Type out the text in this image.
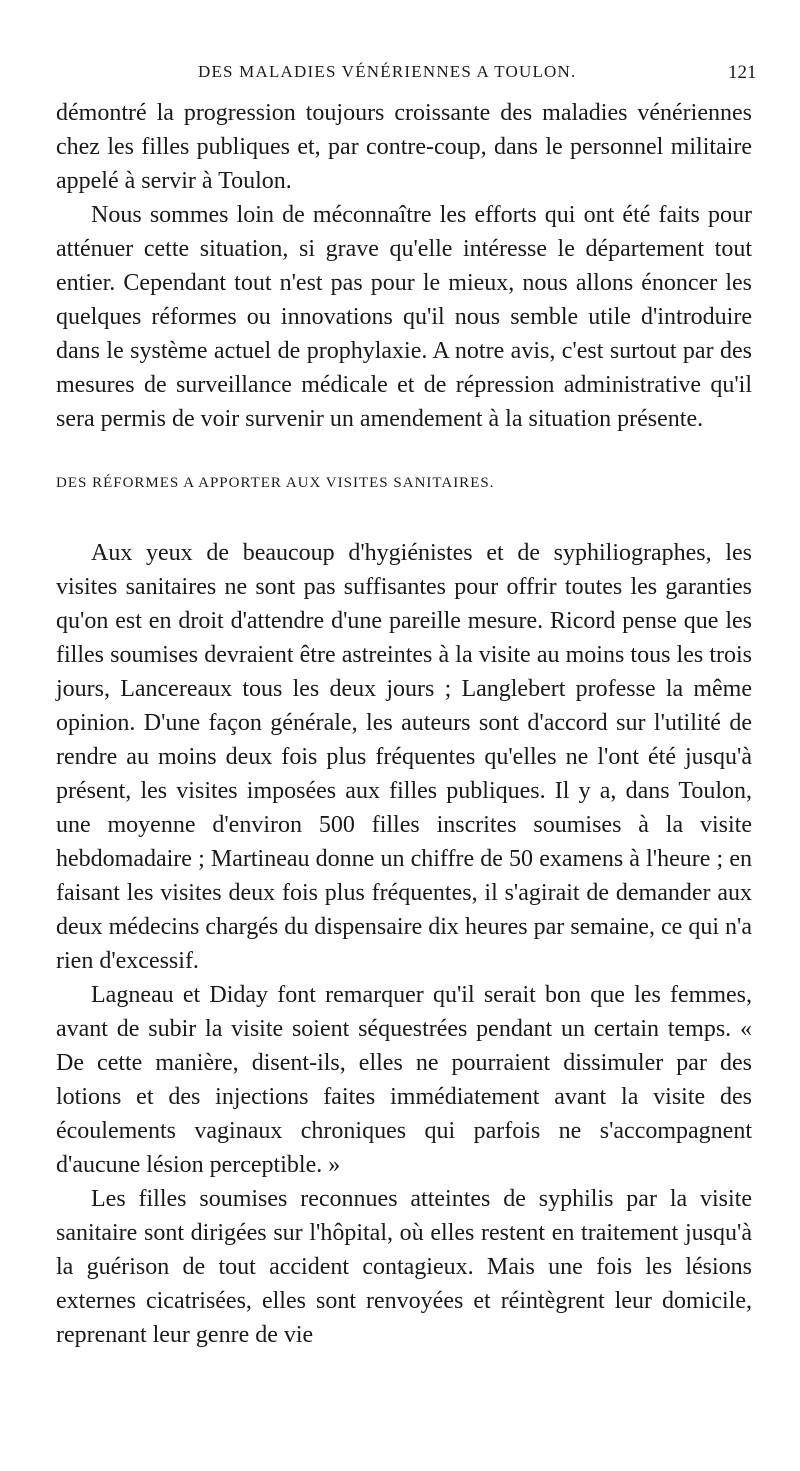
DES MALADIES VÉNÉRIENNES A TOULON.	121

démontré la progression toujours croissante des maladies vénériennes chez les filles publiques et, par contre-coup, dans le personnel militaire appelé à servir à Toulon.

Nous sommes loin de méconnaître les efforts qui ont été faits pour atténuer cette situation, si grave qu'elle intéresse le département tout entier. Cependant tout n'est pas pour le mieux, nous allons énoncer les quelques réformes ou innovations qu'il nous semble utile d'introduire dans le système actuel de prophylaxie. A notre avis, c'est surtout par des mesures de surveillance médicale et de répression administrative qu'il sera permis de voir survenir un amendement à la situation présente.

DES RÉFORMES A APPORTER AUX VISITES SANITAIRES.

Aux yeux de beaucoup d'hygiénistes et de syphiliographes, les visites sanitaires ne sont pas suffisantes pour offrir toutes les garanties qu'on est en droit d'attendre d'une pareille mesure. Ricord pense que les filles soumises devraient être astreintes à la visite au moins tous les trois jours, Lancereaux tous les deux jours ; Langlebert professe la même opinion. D'une façon générale, les auteurs sont d'accord sur l'utilité de rendre au moins deux fois plus fréquentes qu'elles ne l'ont été jusqu'à présent, les visites imposées aux filles publiques. Il y a, dans Toulon, une moyenne d'environ 500 filles inscrites soumises à la visite hebdomadaire ; Martineau donne un chiffre de 50 examens à l'heure ; en faisant les visites deux fois plus fréquentes, il s'agirait de demander aux deux médecins chargés du dispensaire dix heures par semaine, ce qui n'a rien d'excessif.

Lagneau et Diday font remarquer qu'il serait bon que les femmes, avant de subir la visite soient séquestrées pendant un certain temps. « De cette manière, disent-ils, elles ne pourraient dissimuler par des lotions et des injections faites immédiatement avant la visite des écoulements vaginaux chroniques qui parfois ne s'accompagnent d'aucune lésion perceptible. »

Les filles soumises reconnues atteintes de syphilis par la visite sanitaire sont dirigées sur l'hôpital, où elles restent en traitement jusqu'à la guérison de tout accident contagieux. Mais une fois les lésions externes cicatrisées, elles sont renvoyées et réintègrent leur domicile, reprenant leur genre de vie
